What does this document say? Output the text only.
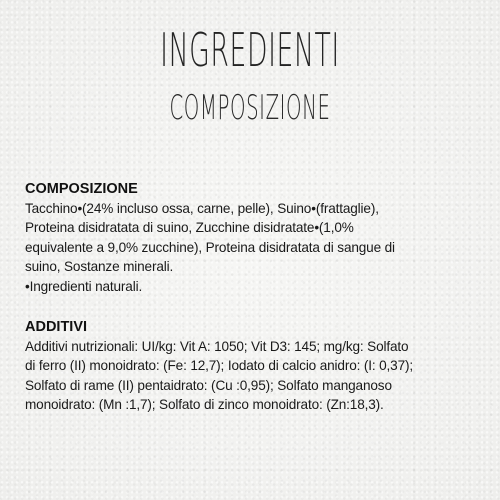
INGREDIENTI
COMPOSIZIONE
COMPOSIZIONE
Tacchino•(24% incluso ossa, carne, pelle), Suino•(frattaglie),
Proteina disidratata di suino, Zucchine disidratate•(1,0%
equivalente a 9,0% zucchine), Proteina disidratata di sangue di
suino, Sostanze minerali.
•Ingredienti naturali.
ADDITIVI
Additivi nutrizionali: UI/kg: Vit A: 1050; Vit D3: 145; mg/kg: Solfato
di ferro (II) monoidrato: (Fe: 12,7); Iodato di calcio anidro: (I: 0,37);
Solfato di rame (II) pentaidrato: (Cu :0,95); Solfato manganoso
monoidrato: (Mn :1,7); Solfato di zinco monoidrato: (Zn:18,3).
